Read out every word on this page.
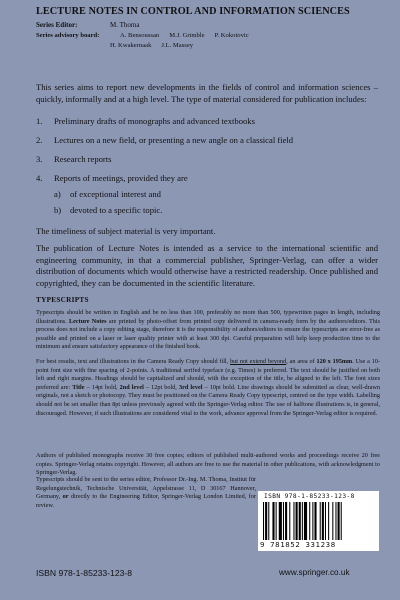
LECTURE NOTES IN CONTROL AND INFORMATION SCIENCES
Series Editor:	M. Thoma
Series advisory board:	A. Bensoussan M.J. Grimble P. Kokotovic
H. Kwakernaak J.L. Massey

This series aims to report new developments in the fields of control and information sciences – quickly, informally and at a high level. The type of material considered for publication includes:

1. Preliminary drafts of monographs and advanced textbooks
2. Lectures on a new field, or presenting a new angle on a classical field
3. Research reports
4. Reports of meetings, provided they are
a) of exceptional interest and
b) devoted to a specific topic.
The timeliness of subject material is very important.

The publication of Lecture Notes is intended as a service to the international scientific and engineering community, in that a commercial publisher, Springer-Verlag, can offer a wider distribution of documents which would otherwise have a restricted readership. Once published and copyrighted, they can be documented in the scientific literature.

TYPESCRIPTS

Typescripts should be written in English and be no less than 100, preferably no more than 500, typewritten pages in length, including illustrations. Lecture Notes are printed by photo-offset from printed copy delivered in camera-ready form by the authors/editors. This process does not include a copy editing stage, therefore it is the responsibility of authors/editors to ensure the typescripts are error-free as possible and printed on a laser or laser quality printer with at least 300 dpi. Careful preparation will help keep production time to the minimum and ensure satisfactory appearance of the finished book.

For best results, text and illustrations in the Camera Ready Copy should fill, but not extend beyond, an area of 120 x 195mm. Use a 10-point font size with fine spacing of 2-points. A traditional serifed typeface (e.g. Times) is preferred. The text should be justified on both left and right margins. Headings should be capitalized and should, with the exception of the title, be aligned to the left. The font sizes preferred are: Title – 14pt bold, 2nd level – 12pt bold, 3rd level – 10pt bold. Line drawings should be submitted as clear, well-drawn originals, not a sketch or photocopy. They must be positioned on the Camera Ready Copy typescript, centred on the type width. Labelling should not be set smaller than 8pt unless previously agreed with the Springer-Verlag editor. The use of halftone illustrations is, in general, discouraged. However, if such illustrations are considered vital to the work, advance approval from the Springer-Verlag editor is required.

Authors of published monographs receive 30 free copies; editors of published multi-authored works and proceedings receive 20 free copies. Springer-Verlag retains copyright. However, all authors are free to use the material in other publications, with acknowledgment to Springer-Verlag.

Typescripts should be sent to the series editor, Professor Dr.-Ing. M. Thoma, Institut für Regelungstechnik, Technische Universität, Appelstrasse 11, D 30167 Hannover, Germany, or directly to the Engineering Editor, Springer-Verlag London Limited, for review.

ISBN 978-1-85233-123-8
9 781852 331238
ISBN 978-1-85233-123-8	www.springer.co.uk
